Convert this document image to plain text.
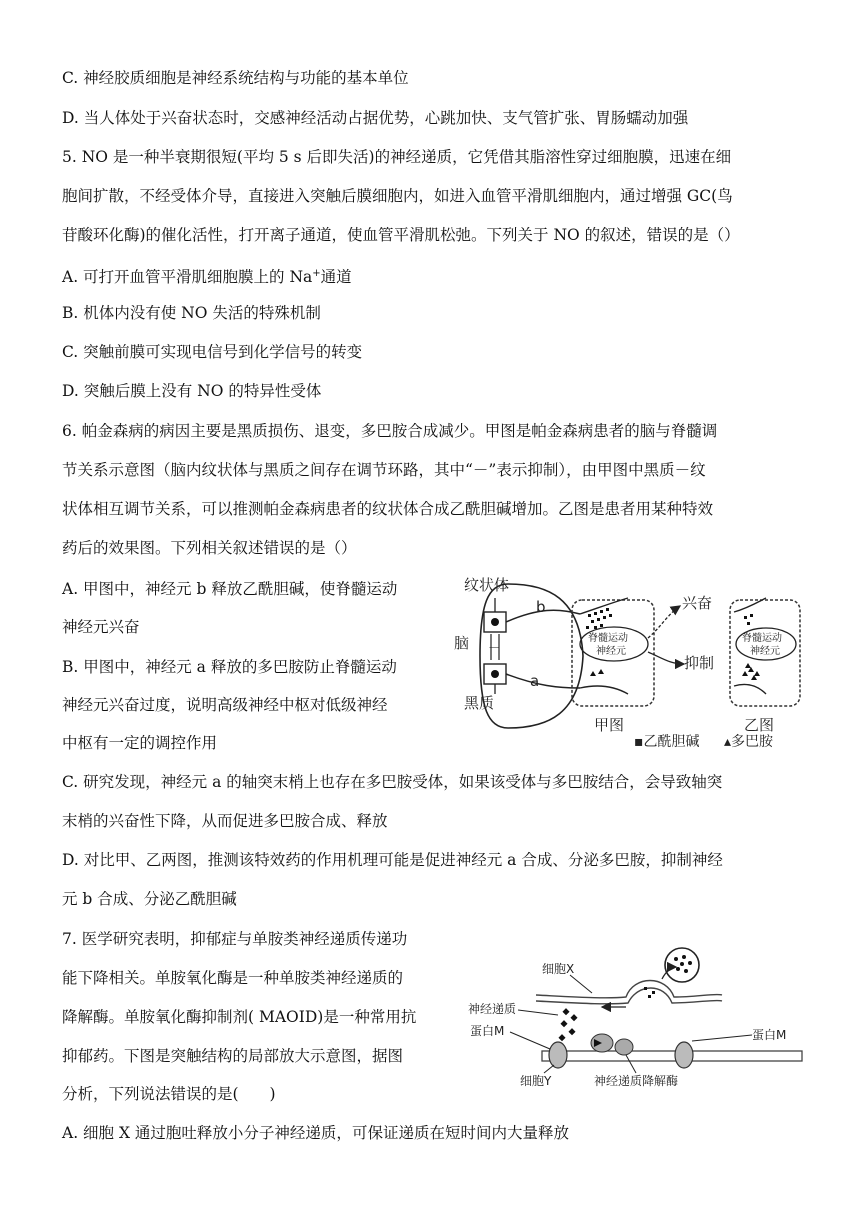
C. 神经胶质细胞是神经系统结构与功能的基本单位
D. 当人体处于兴奋状态时，交感神经活动占据优势，心跳加快、支气管扩张、胃肠蠕动加强
5. NO 是一种半衰期很短(平均 5 s 后即失活)的神经递质，它凭借其脂溶性穿过细胞膜，迅速在细
胞间扩散，不经受体介导，直接进入突触后膜细胞内，如进入血管平滑肌细胞内，通过增强 GC(鸟
苷酸环化酶)的催化活性，打开离子通道，使血管平滑肌松弛。下列关于 NO 的叙述，错误的是（）
A. 可打开血管平滑肌细胞膜上的 Na+通道
B. 机体内没有使 NO 失活的特殊机制
C. 突触前膜可实现电信号到化学信号的转变
D. 突触后膜上没有 NO 的特异性受体
6. 帕金森病的病因主要是黑质损伤、退变，多巴胺合成减少。甲图是帕金森病患者的脑与脊髓调
节关系示意图（脑内纹状体与黑质之间存在调节环路，其中“－”表示抑制），由甲图中黑质－纹
状体相互调节关系，可以推测帕金森病患者的纹状体合成乙酰胆碱增加。乙图是患者用某种特效
药后的效果图。下列相关叙述错误的是（）
A. 甲图中，神经元 b 释放乙酰胆碱，使脊髓运动
神经元兴奋
B. 甲图中，神经元 a 释放的多巴胺防止脊髓运动
神经元兴奋过度，说明高级神经中枢对低级神经
中枢有一定的调控作用
C. 研究发现，神经元 a 的轴突末梢上也存在多巴胺受体，如果该受体与多巴胺结合，会导致轴突
末梢的兴奋性下降，从而促进多巴胺合成、释放
D. 对比甲、乙两图，推测该特效药的作用机理可能是促进神经元 a 合成、分泌多巴胺，抑制神经
元 b 合成、分泌乙酰胆碱
脑
纹状体
黑质
－
b
a
脊髓运动
神经元
兴奋
抑制
甲图
脊髓运动
神经元
乙图
▪乙酰胆碱 ▴多巴胺
7. 医学研究表明，抑郁症与单胺类神经递质传递功
能下降相关。单胺氧化酶是一种单胺类神经递质的
降解酶。单胺氧化酶抑制剂( MAOID)是一种常用抗
抑郁药。下图是突触结构的局部放大示意图，据图
分析，下列说法错误的是(　　)
A. 细胞 X 通过胞吐释放小分子神经递质，可保证递质在短时间内大量释放
细胞X
神经递质
蛋白M	蛋白M
细胞Y	神经递质降解酶
